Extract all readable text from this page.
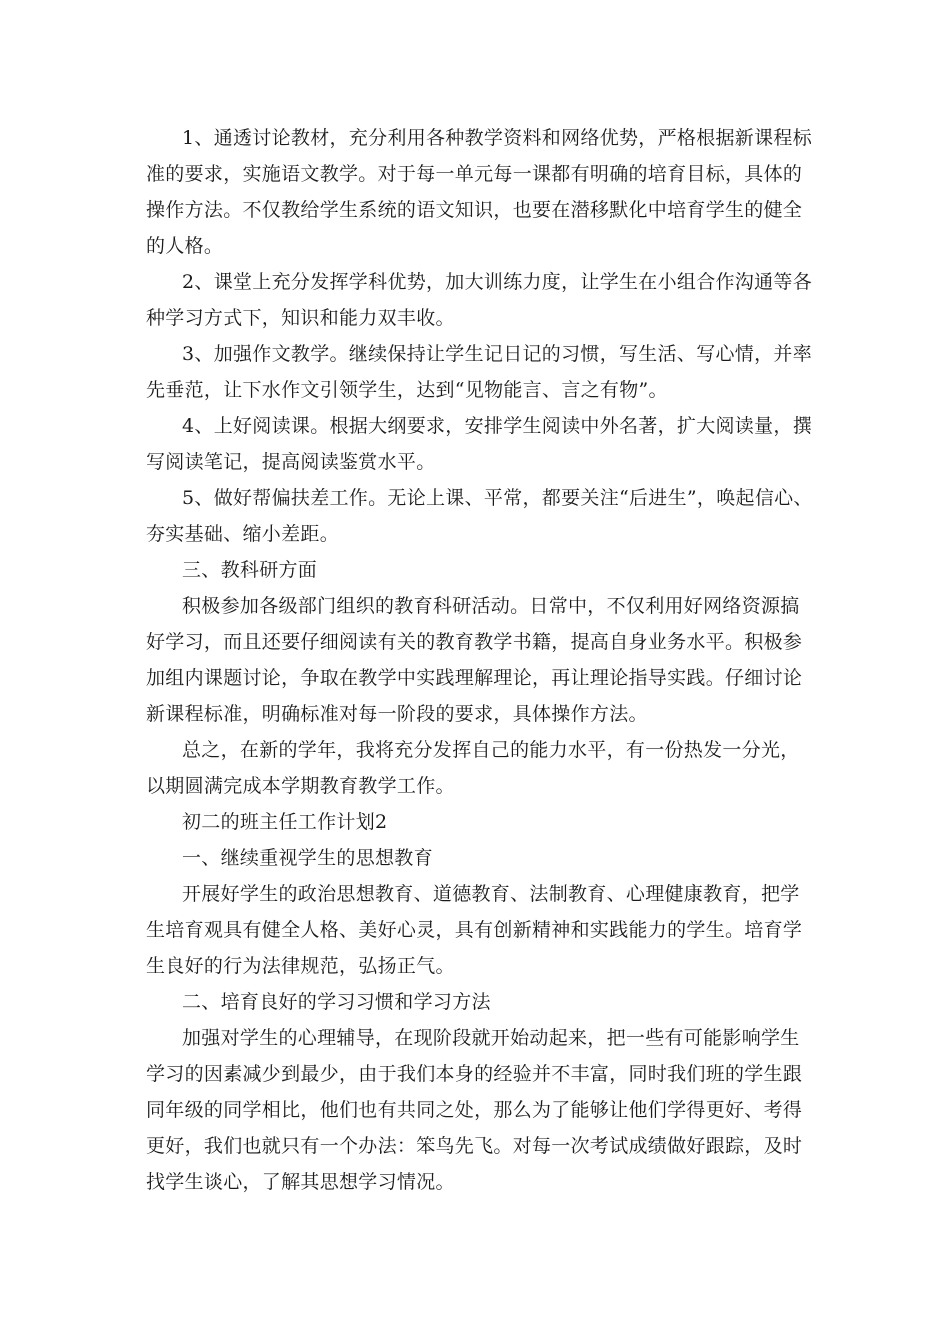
1、通透讨论教材，充分利用各种教学资料和网络优势，严格根据新课程标
准的要求，实施语文教学。对于每一单元每一课都有明确的培育目标，具体的
操作方法。不仅教给学生系统的语文知识，也要在潜移默化中培育学生的健全
的人格。
2、课堂上充分发挥学科优势，加大训练力度，让学生在小组合作沟通等各
种学习方式下，知识和能力双丰收。
3、加强作文教学。继续保持让学生记日记的习惯，写生活、写心情，并率
先垂范，让下水作文引领学生，达到“见物能言、言之有物”。
4、上好阅读课。根据大纲要求，安排学生阅读中外名著，扩大阅读量，撰
写阅读笔记，提高阅读鉴赏水平。
5、做好帮偏扶差工作。无论上课、平常，都要关注“后进生”，唤起信心、
夯实基础、缩小差距。
三、教科研方面
积极参加各级部门组织的教育科研活动。日常中，不仅利用好网络资源搞
好学习，而且还要仔细阅读有关的教育教学书籍，提高自身业务水平。积极参
加组内课题讨论，争取在教学中实践理解理论，再让理论指导实践。仔细讨论
新课程标准，明确标准对每一阶段的要求，具体操作方法。
总之，在新的学年，我将充分发挥自己的能力水平，有一份热发一分光，
以期圆满完成本学期教育教学工作。
初二的班主任工作计划2
一、继续重视学生的思想教育
开展好学生的政治思想教育、道德教育、法制教育、心理健康教育，把学
生培育观具有健全人格、美好心灵，具有创新精神和实践能力的学生。培育学
生良好的行为法律规范，弘扬正气。
二、培育良好的学习习惯和学习方法
加强对学生的心理辅导，在现阶段就开始动起来，把一些有可能影响学生
学习的因素减少到最少，由于我们本身的经验并不丰富，同时我们班的学生跟
同年级的同学相比，他们也有共同之处，那么为了能够让他们学得更好、考得
更好，我们也就只有一个办法：笨鸟先飞。对每一次考试成绩做好跟踪，及时
找学生谈心，了解其思想学习情况。
